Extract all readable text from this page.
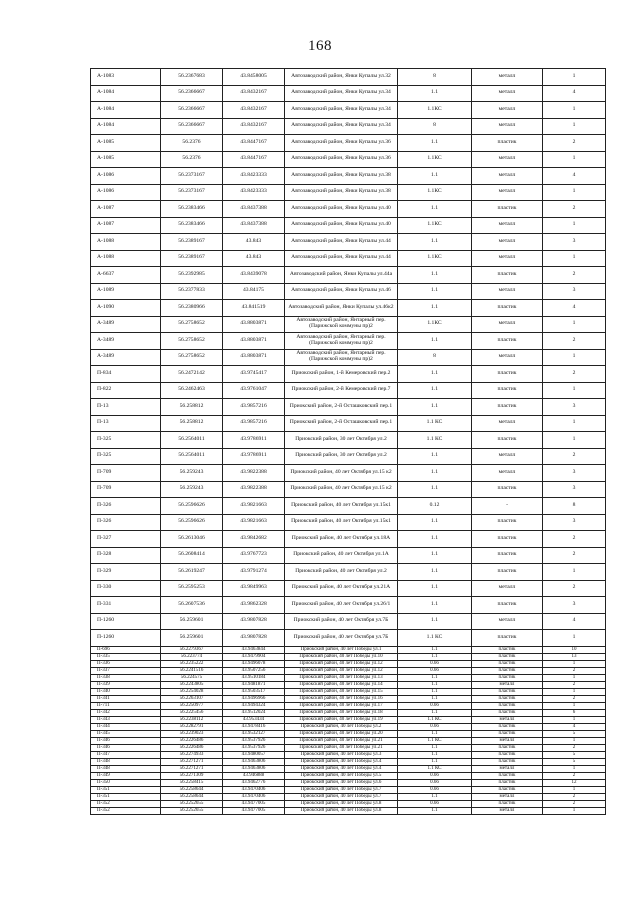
168
А-1083	56.2367683	43.8458005	Автозаводский район, Янки Купалы ул.32	8	металл	1
А-1084	56.2366667	43.8432167	Автозаводский район, Янки Купалы ул.34	1.1	металл	4
А-1084	56.2366667	43.8432167	Автозаводский район, Янки Купалы ул.34	1.1КС	металл	1
А-1084	56.2366667	43.8432167	Автозаводский район, Янки Купалы ул.34	8	металл	1
А-1085	56.2376	43.8447167	Автозаводский район, Янки Купалы ул.36	1.1	пластик	2
А-1085	56.2376	43.8447167	Автозаводский район, Янки Купалы ул.36	1.1КС	металл	1
А-1086	56.2373167	43.8423333	Автозаводский район, Янки Купалы ул.38	1.1	металл	4
А-1086	56.2373167	43.8423333	Автозаводский район, Янки Купалы ул.38	1.1КС	металл	1
А-1087	56.2383466	43.8437388	Автозаводский район, Янки Купалы ул.40	1.1	пластик	2
А-1087	56.2383466	43.8437388	Автозаводский район, Янки Купалы ул.40	1.1КС	металл	1
А-1088	56.2389167	43.843	Автозаводский район, Янки Купалы ул.44	1.1	металл	3
А-1088	56.2389167	43.843	Автозаводский район, Янки Купалы ул.44	1.1КС	металл	1
А-6637	56.2392985	43.8439078	Автозаводский район, Янки Купалы ул.44а	1.1	пластик	2
А-1089	56.2377833	43.84175	Автозаводский район, Янки Купалы ул.46	1.1	металл	3
А-1090	56.2380966	43.841519	Автозаводский район, Янки Купалы ул.46к2	1.1	пластик	4
А-3489	56.2758652	43.8803871	Автозаводский район, Янтарный пер. (Парижской коммуны пр)2	1.1КС	металл	1
А-3489	56.2758652	43.8803871	Автозаводский район, Янтарный пер. (Парижской коммуны пр)2	1.1	пластик	2
А-3489	56.2758652	43.8803871	Автозаводский район, Янтарный пер. (Парижской коммуны пр)2	8	металл	1
П-834	56.2472142	43.9745417	Приокский район, 1-й Кемеровский пер.2	1.1	пластик	2
П-822	56.2462463	43.9761047	Приокский район, 2-й Кемеровский пер.7	1.1	пластик	1
П-13	56.258812	43.9857216	Приокский район, 2-й Осташковский пер.1	1.1	пластик	3
П-13	56.258812	43.9857216	Приокский район, 2-й Осташковский пер.1	1.1 КС	металл	1
П-325	56.2564011	43.9786911	Приокский район, 30 лет Октября ул.2	1.1 КС	пластик	1
П-325	56.2564011	43.9786911	Приокский район, 30 лет Октября ул.2	1.1	металл	2
П-709	56.259243	43.9822388	Приокский район, 40 лет Октября ул.15 к2	1.1	металл	3
П-709	56.259243	43.9822388	Приокский район, 40 лет Октября ул.15 к2	1.1	пластик	3
П-326	56.2596626	43.9821663	Приокский район, 40 лет Октября ул.15к1	0.12	-	8
П-326	56.2596626	43.9821663	Приокский район, 40 лет Октября ул.15к1	1.1	пластик	3
П-327	56.2613046	43.9842682	Приокский район, 40 лет Октября ул.18А	1.1	пластик	2
П-328	56.2608414	43.9767723	Приокский район, 40 лет Октября ул.1А	1.1	пластик	2
П-329	56.2619247	43.9791274	Приокский район, 40 лет Октября ул.2	1.1	пластик	1
П-330	56.2595253	43.9849963	Приокский район, 40 лет Октября ул.21А	1.1	металл	2
П-331	56.2607536	43.9862328	Приокский район, 40 лет Октября ул.26/1	1.1	пластик	3
П-1260	56.259601	43.9807828	Приокский район, 40 лет Октября ул.7Б	1.1	металл	4
П-1260	56.259601	43.9807828	Приокский район, 40 лет Октября ул.7Б	1.1 КС	пластик	1
П-696	56.2279367	43.9463844	Приокский район, 40 лет Победы ул.1	1.1	пластик	10
П-335	56.223774	43.9479904	Приокский район, 40 лет Победы ул.10	1.1	пластик	13
П-336	56.2235222	43.9496078	Приокский район, 40 лет Победы ул.12	0.66	пластик	1
П-337	56.2241516	43.9507256	Приокский район, 40 лет Победы ул.12	0.66	пластик	2
П-338	56.224575	43.9510184	Приокский район, 40 лет Победы ул.13	1.1	пластик	1
П-339	56.2243805	43.9481871	Приокский район, 40 лет Победы ул.14	1.1	металл	2
П-340	56.2254028	43.9503517	Приокский район, 40 лет Победы ул.15	1.1	пластик	1
П-341	56.2263107	43.9496966	Приокский район, 40 лет Победы ул.16	1.1	пластик	2
П-711	56.2250977	43.9494324	Приокский район, 40 лет Победы ул.17	0.66	пластик	1
П-342	56.2225456	43.9512024	Приокский район, 40 лет Победы ул.18	1.1	пластик	6
П-343	56.2238112	43.953434	Приокский район, 40 лет Победы ул.19	1.1 КС	металл	1
П-344	56.2282791	43.9478416	Приокский район, 40 лет Победы ул.2	0.66	пластик	4
П-345	56.2239023	43.9532127	Приокский район, 40 лет Победы ул.20	1.1	пластик	5
П-346	56.2226486	43.9537926	Приокский район, 40 лет Победы ул.21	1.1 КС	металл	1
П-346	56.2226486	43.9537926	Приокский район, 40 лет Победы ул.21	1.1	пластик	2
П-347	56.2274933	43.9480057	Приокский район, 40 лет Победы ул.3	1.1	пластик	5
П-348	56.2271271	43.9463806	Приокский район, 40 лет Победы ул.4	1.1	пластик	5
П-348	56.2271271	43.9463806	Приокский район, 40 лет Победы ул.4	1.1 КС	металл	1
П-349	56.2271309	43.946888	Приокский район, 40 лет Победы ул.5	0.66	пластик	2
П-350	56.2258415	43.9462776	Приокский район, 40 лет Победы ул.6	0.66	пластик	12
П-351	56.2258644	43.9470406	Приокский район, 40 лет Победы ул.7	0.66	пластик	1
П-351	56.2258644	43.9470406	Приокский район, 40 лет Победы ул.7	1.1	металл	2
П-352	56.2252655	43.9477005	Приокский район, 40 лет Победы ул.8	0.66	пластик	2
П-352	56.2252655	43.9477005	Приокский район, 40 лет Победы ул.8	1.1	металл	1
